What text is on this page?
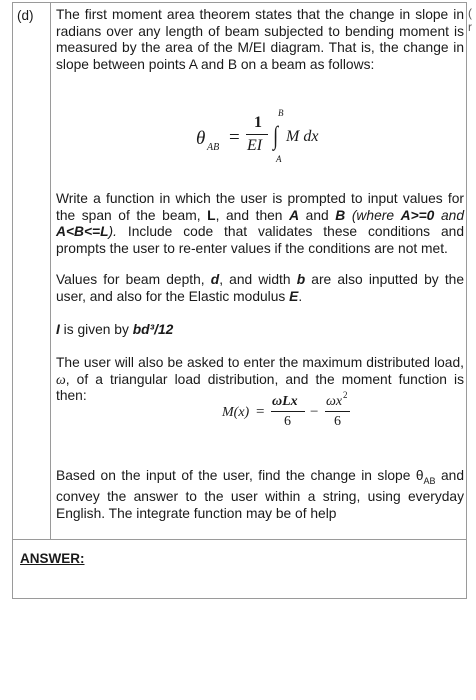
(d)	(
r
The first moment area theorem states that the change in slope in radians over any length of beam subjected to bending moment is measured by the area of the M/EI diagram. That is, the change in slope between points A and B on a beam as follows:
θ AB =
1
EI ∫
B
A
M dx
Write a function in which the user is prompted to input values for the span of the beam, L, and then A and B (where A>=0 and A<B<=L). Include code that validates these conditions and prompts the user to re-enter values if the conditions are not met.
Values for beam depth, d, and width b are also inputted by the user, and also for the Elastic modulus E.
I is given by bd³/12
The user will also be asked to enter the maximum distributed load, ω, of a triangular load distribution, and the moment function is then:
M(x) =
ωLx
6
−
ωx 2
6
Based on the input of the user, find the change in slope $\theta_{AB}$ and convey the answer to the user within a string, using everyday English. The integrate function may be of help
ANSWER:
